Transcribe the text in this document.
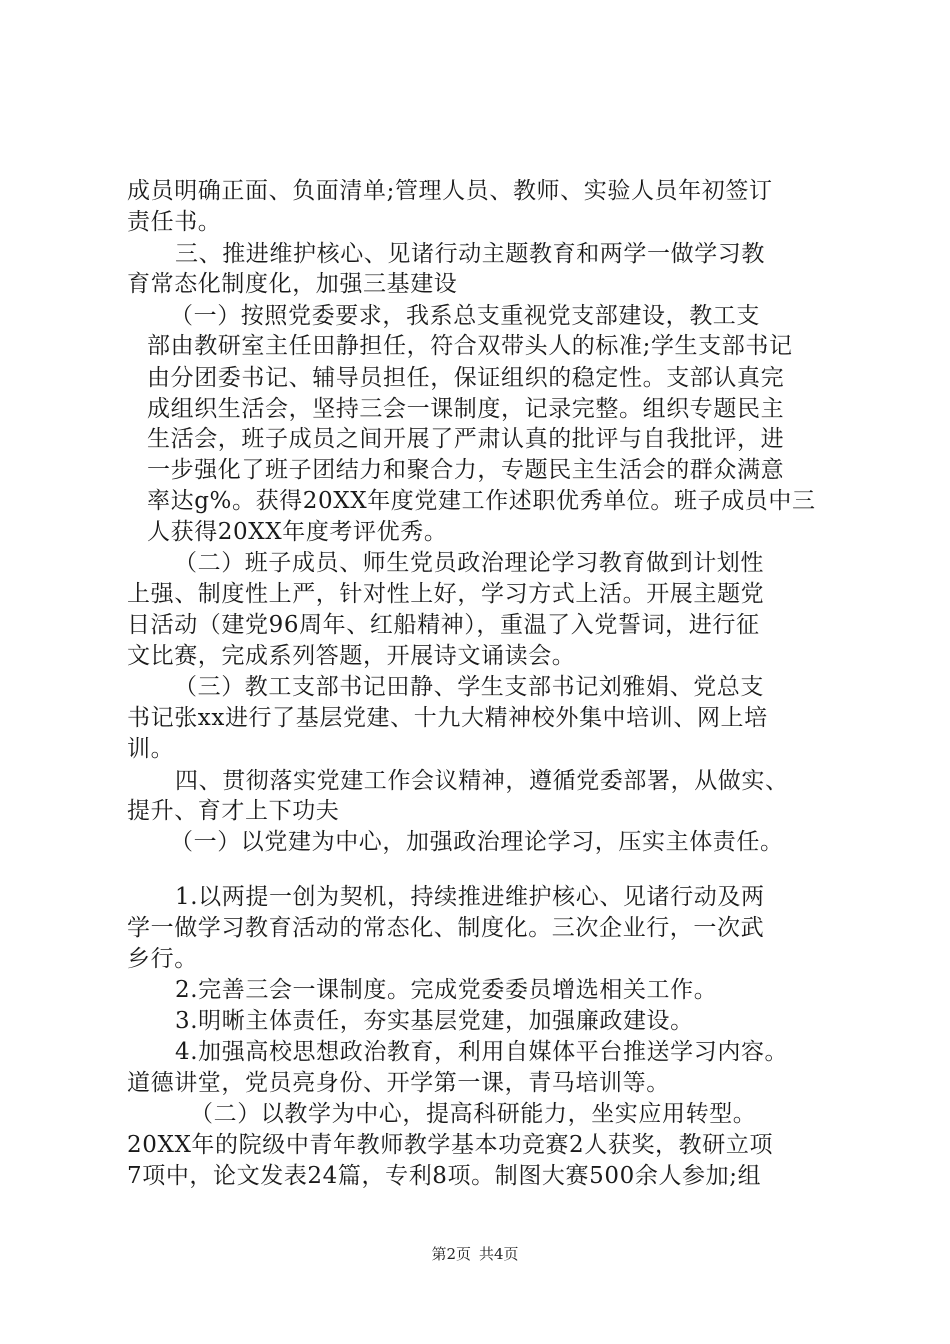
成员明确正面、负面清单;管理人员、教师、实验人员年初签订
责任书。
三、推进维护核心、见诸行动主题教育和两学一做学习教
育常态化制度化，加强三基建设
（一）按照党委要求，我系总支重视党支部建设，教工支
部由教研室主任田静担任，符合双带头人的标准;学生支部书记
由分团委书记、辅导员担任，保证组织的稳定性。支部认真完
成组织生活会，坚持三会一课制度，记录完整。组织专题民主
生活会，班子成员之间开展了严肃认真的批评与自我批评，进
一步强化了班子团结力和聚合力，专题民主生活会的群众满意
率达g%。获得20XX年度党建工作述职优秀单位。班子成员中三
人获得20XX年度考评优秀。
（二）班子成员、师生党员政治理论学习教育做到计划性
上强、制度性上严，针对性上好，学习方式上活。开展主题党
日活动（建党96周年、红船精神），重温了入党誓词，进行征
文比赛，完成系列答题，开展诗文诵读会。
（三）教工支部书记田静、学生支部书记刘雅娟、党总支
书记张xx进行了基层党建、十九大精神校外集中培训、网上培
训。
四、贯彻落实党建工作会议精神，遵循党委部署，从做实、
提升、育才上下功夫
（一）以党建为中心，加强政治理论学习，压实主体责任。
1.以两提一创为契机，持续推进维护核心、见诸行动及两
学一做学习教育活动的常态化、制度化。三次企业行，一次武
乡行。
2.完善三会一课制度。完成党委委员增选相关工作。
3.明晰主体责任，夯实基层党建，加强廉政建设。
4.加强高校思想政治教育，利用自媒体平台推送学习内容。
道德讲堂，党员亮身份、开学第一课，青马培训等。
（二）以教学为中心，提高科研能力，坐实应用转型。
20XX年的院级中青年教师教学基本功竞赛2人获奖，教研立项
7项中，论文发表24篇，专利8项。制图大赛500余人参加;组
第2页 共4页
